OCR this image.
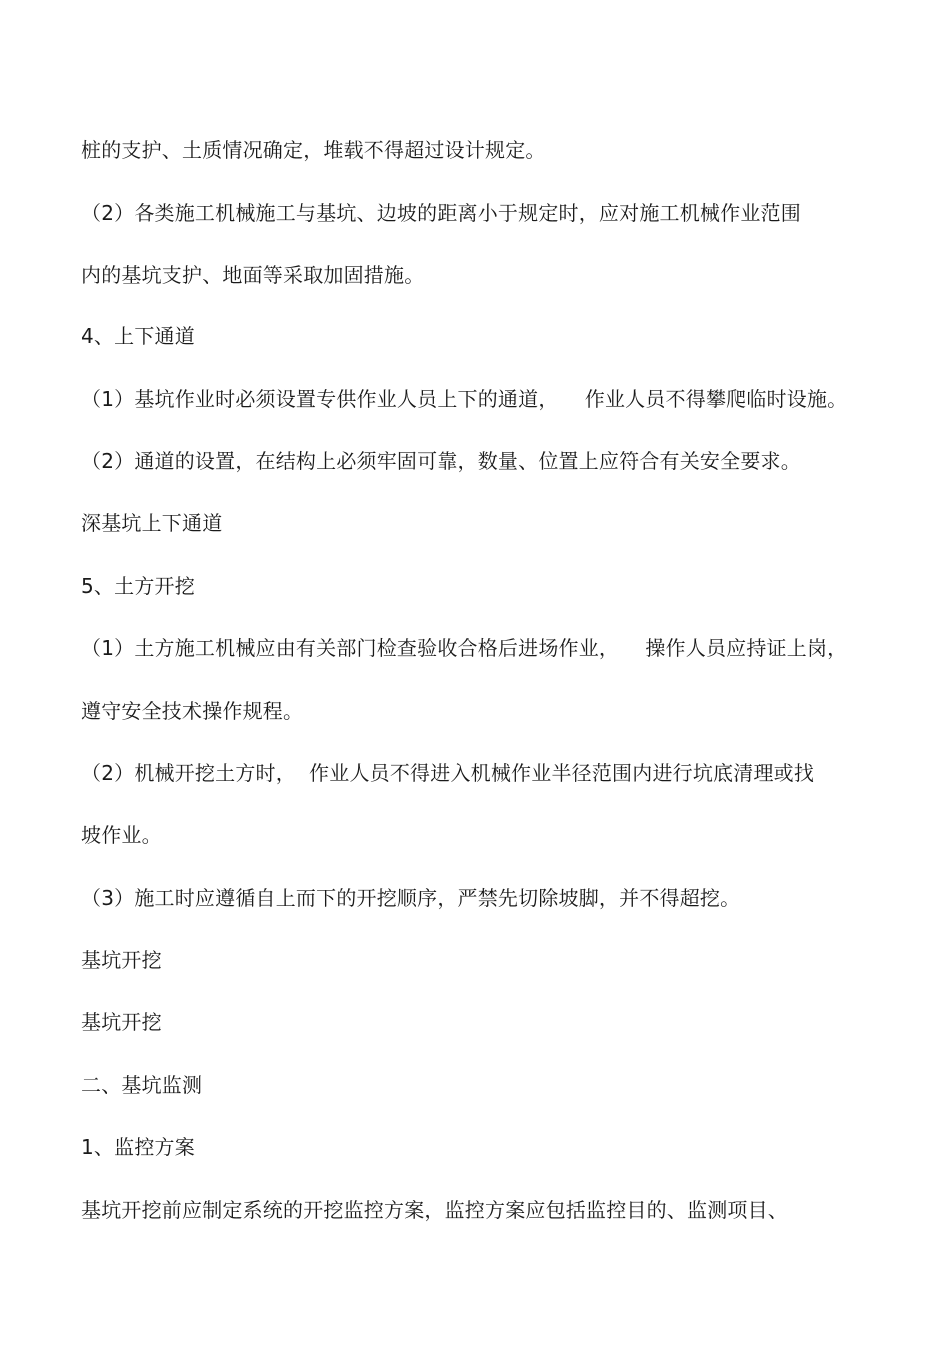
桩的支护、土质情况确定，堆载不得超过设计规定。
（2）各类施工机械施工与基坑、边坡的距离小于规定时，应对施工机械作业范围
内的基坑支护、地面等采取加固措施。
4、上下通道
（1）基坑作业时必须设置专供作业人员上下的通道，    作业人员不得攀爬临时设施。
（2）通道的设置，在结构上必须牢固可靠，数量、位置上应符合有关安全要求。
深基坑上下通道
5、土方开挖
（1）土方施工机械应由有关部门检查验收合格后进场作业，    操作人员应持证上岗，
遵守安全技术操作规程。
（2）机械开挖土方时，  作业人员不得进入机械作业半径范围内进行坑底清理或找
坡作业。
（3）施工时应遵循自上而下的开挖顺序，严禁先切除坡脚，并不得超挖。
基坑开挖
基坑开挖
二、基坑监测
1、监控方案
基坑开挖前应制定系统的开挖监控方案，监控方案应包括监控目的、监测项目、
